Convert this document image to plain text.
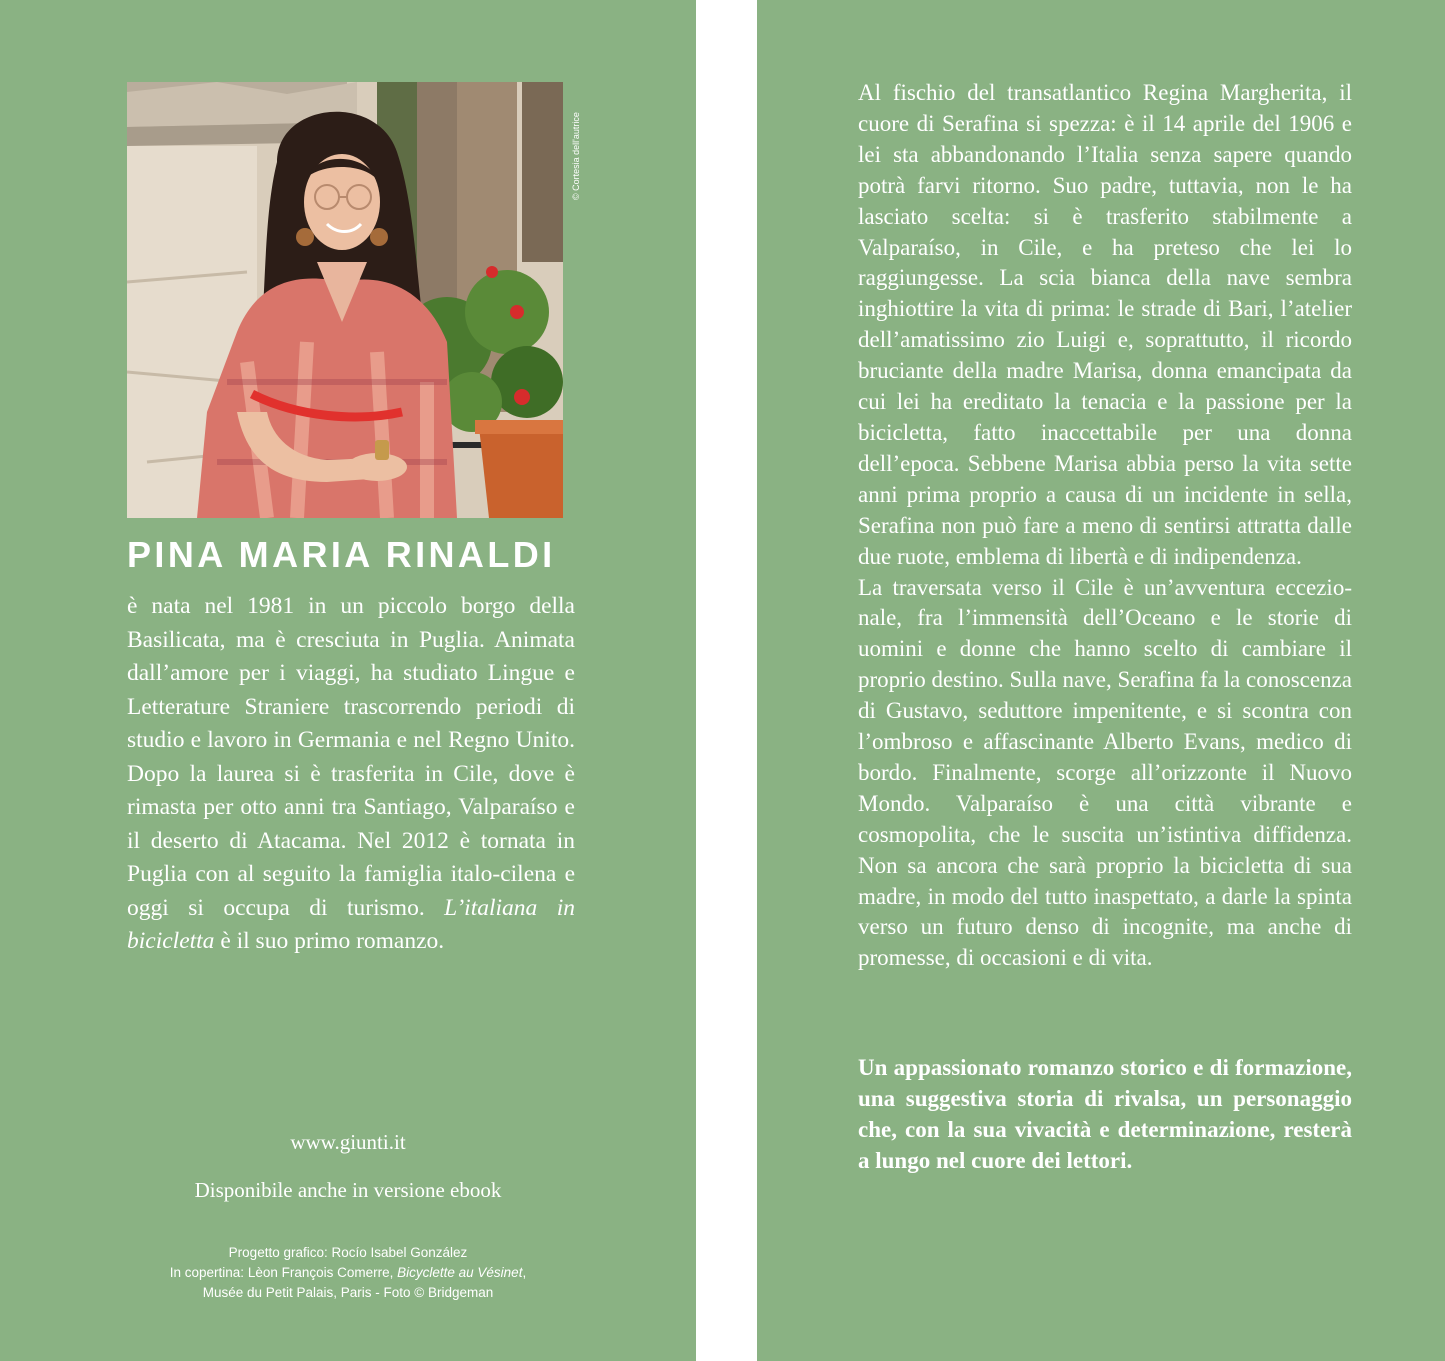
© Cortesia dell'autrice
PINA MARIA RINALDI

è nata nel 1981 in un piccolo borgo della Basilicata, ma è cresciuta in Puglia. Animata dall’amore per i viaggi, ha studiato Lingue e Letterature Straniere trascorrendo periodi di studio e lavoro in Germania e nel Regno Unito. Dopo la laurea si è trasferita in Cile, dove è rimasta per otto anni tra Santiago, Valparaíso e il deserto di Atacama. Nel 2012 è tornata in Puglia con al seguito la famiglia italo-cilena e oggi si occupa di turismo. L’italiana in bicicletta è il suo primo romanzo.

www.giunti.it
Disponibile anche in versione ebook
Progetto grafico: Rocío Isabel González
In copertina: Lèon François Comerre, Bicyclette au Vésinet,
Musée du Petit Palais, Paris - Foto © Bridgeman

Al fischio del transatlantico Regina Margherita, il cuore di Serafina si spezza: è il 14 aprile del 1906 e lei sta abbandonando l’Italia senza sapere quando potrà farvi ritorno. Suo padre, tuttavia, non le ha lasciato scelta: si è trasferito stabilmente a Valparaíso, in Cile, e ha preteso che lei lo raggiungesse. La scia bianca della nave sembra inghiottire la vita di prima: le strade di Bari, l’atelier dell’amatissimo zio Luigi e, soprattutto, il ricordo bruciante della madre Marisa, donna emancipata da cui lei ha ereditato la tenacia e la passione per la bicicletta, fatto inaccettabile per una donna dell’epoca. Sebbene Marisa abbia perso la vita sette anni prima proprio a causa di un incidente in sella, Serafina non può fare a meno di sentirsi attratta dalle due ruote, emblema di libertà e di indipendenza.

La traversata verso il Cile è un’avventura eccezionale, fra l’immensità dell’Oceano e le storie di uomini e donne che hanno scelto di cambiare il proprio destino. Sulla nave, Serafina fa la conoscenza di Gustavo, seduttore impenitente, e si scontra con l’ombroso e affascinante Alberto Evans, medico di bordo. Finalmente, scorge all’orizzonte il Nuovo Mondo. Valparaíso è una città vibrante e cosmopolita, che le suscita un’istintiva diffidenza. Non sa ancora che sarà proprio la bicicletta di sua madre, in modo del tutto inaspettato, a darle la spinta verso un futuro denso di incognite, ma anche di promesse, di occasioni e di vita.

Un appassionato romanzo storico e di formazione, una suggestiva storia di rivalsa, un personaggio che, con la sua vivacità e determinazione, resterà a lungo nel cuore dei lettori.
